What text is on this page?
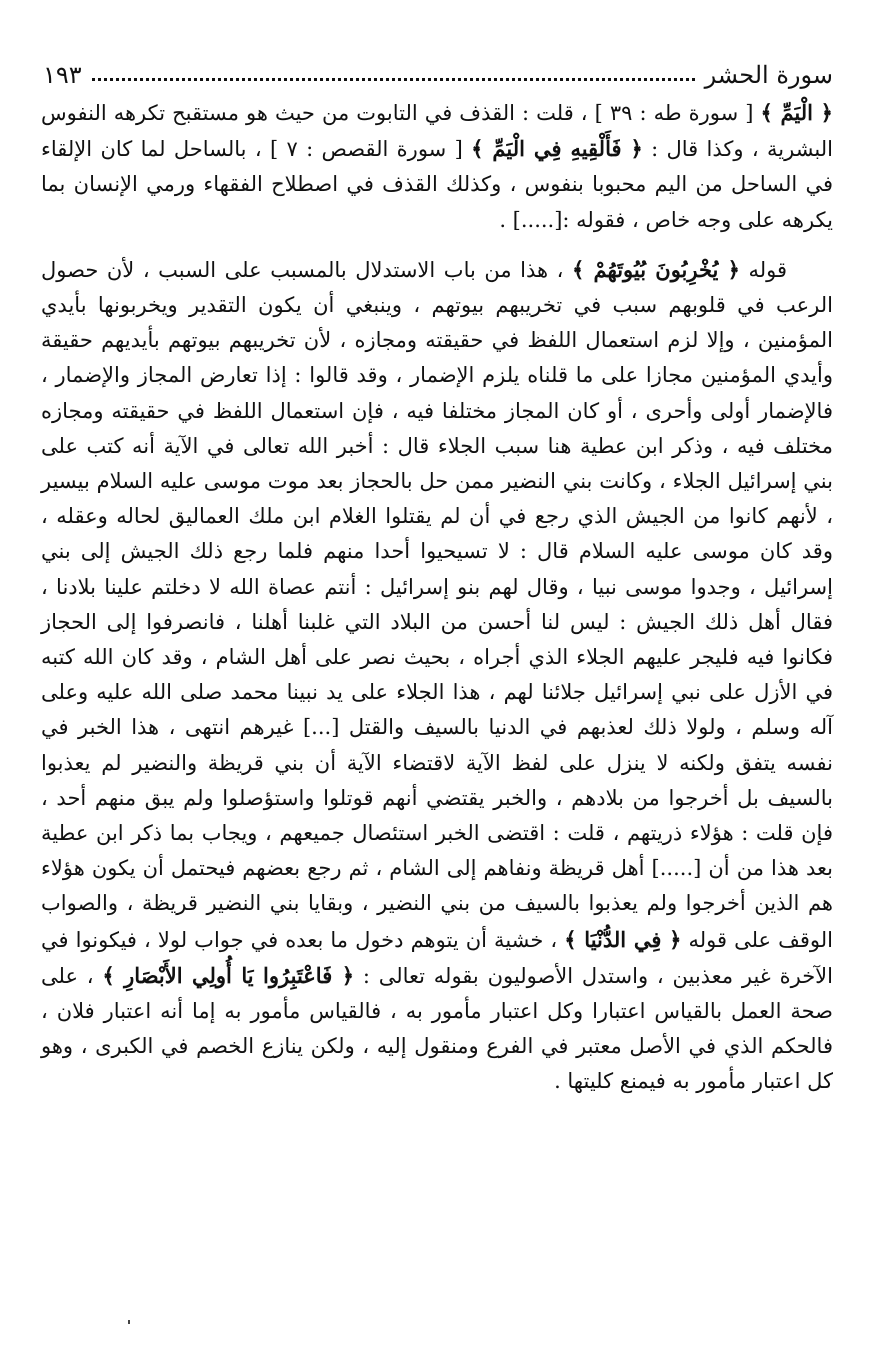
سورة الحشر
١٩٣

﴿ الْيَمِّ ﴾ [ سورة طه : ٣٩ ] ، قلت : القذف في التابوت من حيث هو مستقبح تكرهه النفوس البشرية ، وكذا قال : ﴿ فَأَلْقِيهِ فِي الْيَمِّ ﴾ [ سورة القصص : ٧ ] ، بالساحل لما كان الإلقاء في الساحل من اليم محبوبا بنفوس ، وكذلك القذف في اصطلاح الفقهاء ورمي الإنسان بما يكرهه على وجه خاص ، فقوله :[.....] .

قوله ﴿ يُخْرِبُونَ بُيُوتَهُمْ ﴾ ، هذا من باب الاستدلال بالمسبب على السبب ، لأن حصول الرعب في قلوبهم سبب في تخريبهم بيوتهم ، وينبغي أن يكون التقدير ويخربونها بأيدي المؤمنين ، وإلا لزم استعمال اللفظ في حقيقته ومجازه ، لأن تخريبهم بيوتهم بأيديهم حقيقة وأيدي المؤمنين مجازا على ما قلناه يلزم الإضمار ، وقد قالوا : إذا تعارض المجاز والإضمار ، فالإضمار أولى وأحرى ، أو كان المجاز مختلفا فيه ، فإن استعمال اللفظ في حقيقته ومجازه مختلف فيه ، وذكر ابن عطية هنا سبب الجلاء قال : أخبر الله تعالى في الآية أنه كتب على بني إسرائيل الجلاء ، وكانت بني النضير ممن حل بالحجاز بعد موت موسى عليه السلام بيسير ، لأنهم كانوا من الجيش الذي رجع في أن لم يقتلوا الغلام ابن ملك العماليق لحاله وعقله ، وقد كان موسى عليه السلام قال : لا تسيحيوا أحدا منهم فلما رجع ذلك الجيش إلى بني إسرائيل ، وجدوا موسى نبيا ، وقال لهم بنو إسرائيل : أنتم عصاة الله لا دخلتم علينا بلادنا ، فقال أهل ذلك الجيش : ليس لنا أحسن من البلاد التي غلبنا أهلنا ، فانصرفوا إلى الحجاز فكانوا فيه فليجر عليهم الجلاء الذي أجراه ، بحيث نصر على أهل الشام ، وقد كان الله كتبه في الأزل على نبي إسرائيل جلائنا لهم ، هذا الجلاء على يد نبينا محمد صلى الله عليه وعلى آله وسلم ، ولولا ذلك لعذبهم في الدنيا بالسيف والقتل [...] غيرهم انتهى ، هذا الخبر في نفسه يتفق ولكنه لا ينزل على لفظ الآية لاقتضاء الآية أن بني قريظة والنضير لم يعذبوا بالسيف بل أخرجوا من بلادهم ، والخبر يقتضي أنهم قوتلوا واستؤصلوا ولم يبق منهم أحد ، فإن قلت : هؤلاء ذريتهم ، قلت : اقتضى الخبر استئصال جميعهم ، ويجاب بما ذكر ابن عطية بعد هذا من أن [.....] أهل قريظة ونفاهم إلى الشام ، ثم رجع بعضهم فيحتمل أن يكون هؤلاء هم الذين أخرجوا ولم يعذبوا بالسيف من بني النضير ، وبقايا بني النضير قريظة ، والصواب الوقف على قوله ﴿ فِي الدُّنْيَا ﴾ ، خشية أن يتوهم دخول ما بعده في جواب لولا ، فيكونوا في الآخرة غير معذبين ، واستدل الأصوليون بقوله تعالى : ﴿ فَاعْتَبِرُوا يَا أُولِي الأَبْصَارِ ﴾ ، على صحة العمل بالقياس اعتبارا وكل اعتبار مأمور به ، فالقياس مأمور به إما أنه اعتبار فلان ، فالحكم الذي في الأصل معتبر في الفرع ومنقول إليه ، ولكن ينازع الخصم في الكبرى ، وهو كل اعتبار مأمور به فيمنع كليتها .
